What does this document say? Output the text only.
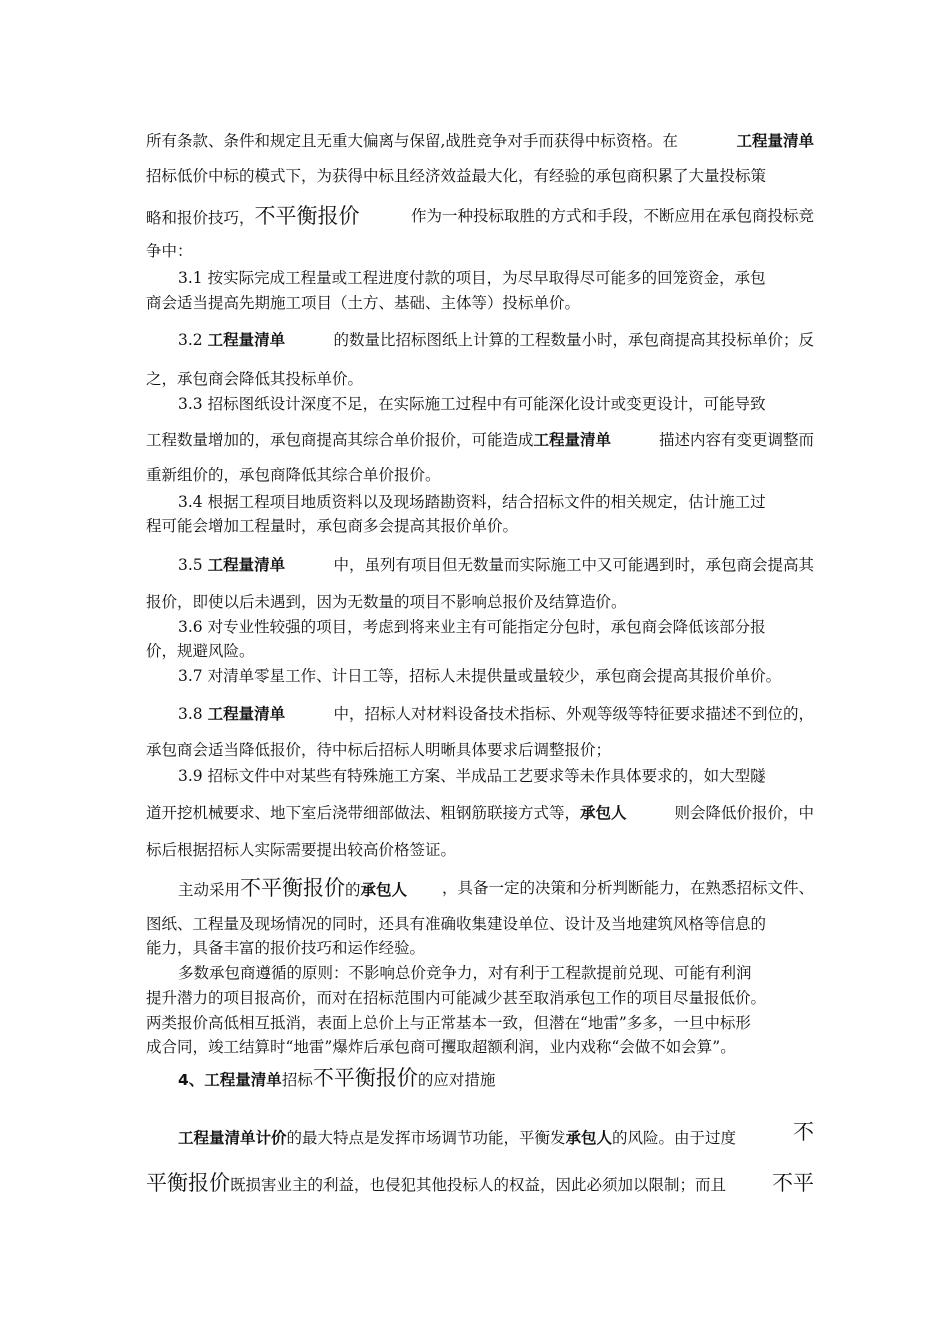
所有条款、条件和规定且无重大偏离与保留,战胜竞争对手而获得中标资格。在	工程量清单
招标低价中标的模式下，为获得中标且经济效益最大化，有经验的承包商积累了大量投标策
略和报价技巧，不平衡报价	作为一种投标取胜的方式和手段，不断应用在承包商投标竞
争中：
3.1 按实际完成工程量或工程进度付款的项目，为尽早取得尽可能多的回笼资金，承包
商会适当提高先期施工项目（土方、基础、主体等）投标单价。
3.2 工程量清单	的数量比招标图纸上计算的工程数量小时，承包商提高其投标单价；反
之，承包商会降低其投标单价。
3.3 招标图纸设计深度不足，在实际施工过程中有可能深化设计或变更设计，可能导致
工程数量增加的，承包商提高其综合单价报价，可能造成工程量清单	描述内容有变更调整而
重新组价的，承包商降低其综合单价报价。
3.4 根据工程项目地质资料以及现场踏勘资料，结合招标文件的相关规定，估计施工过
程可能会增加工程量时，承包商多会提高其报价单价。
3.5 工程量清单	中，虽列有项目但无数量而实际施工中又可能遇到时，承包商会提高其
报价，即使以后未遇到，因为无数量的项目不影响总报价及结算造价。
3.6 对专业性较强的项目，考虑到将来业主有可能指定分包时，承包商会降低该部分报
价，规避风险。
3.7 对清单零星工作、计日工等，招标人未提供量或量较少，承包商会提高其报价单价。
3.8 工程量清单	中，招标人对材料设备技术指标、外观等级等特征要求描述不到位的，
承包商会适当降低报价，待中标后招标人明晰具体要求后调整报价；
3.9 招标文件中对某些有特殊施工方案、半成品工艺要求等未作具体要求的，如大型隧
道开挖机械要求、地下室后浇带细部做法、粗钢筋联接方式等，承包人	则会降低价报价，中
标后根据招标人实际需要提出较高价格签证。
主动采用不平衡报价的承包人 ，具备一定的决策和分析判断能力，在熟悉招标文件、
图纸、工程量及现场情况的同时，还具有准确收集建设单位、设计及当地建筑风格等信息的
能力，具备丰富的报价技巧和运作经验。
多数承包商遵循的原则：不影响总价竞争力，对有利于工程款提前兑现、可能有利润
提升潜力的项目报高价，而对在招标范围内可能减少甚至取消承包工作的项目尽量报低价。
两类报价高低相互抵消，表面上总价上与正常基本一致，但潜在“地雷”多多，一旦中标形
成合同，竣工结算时“地雷”爆炸后承包商可攫取超额利润，业内戏称“会做不如会算”。
4、工程量清单招标不平衡报价的应对措施
工程量清单计价的最大特点是发挥市场调节功能，平衡发承包人的风险。由于过度	不
平衡报价既损害业主的利益，也侵犯其他投标人的权益，因此必须加以限制；而且 不平
